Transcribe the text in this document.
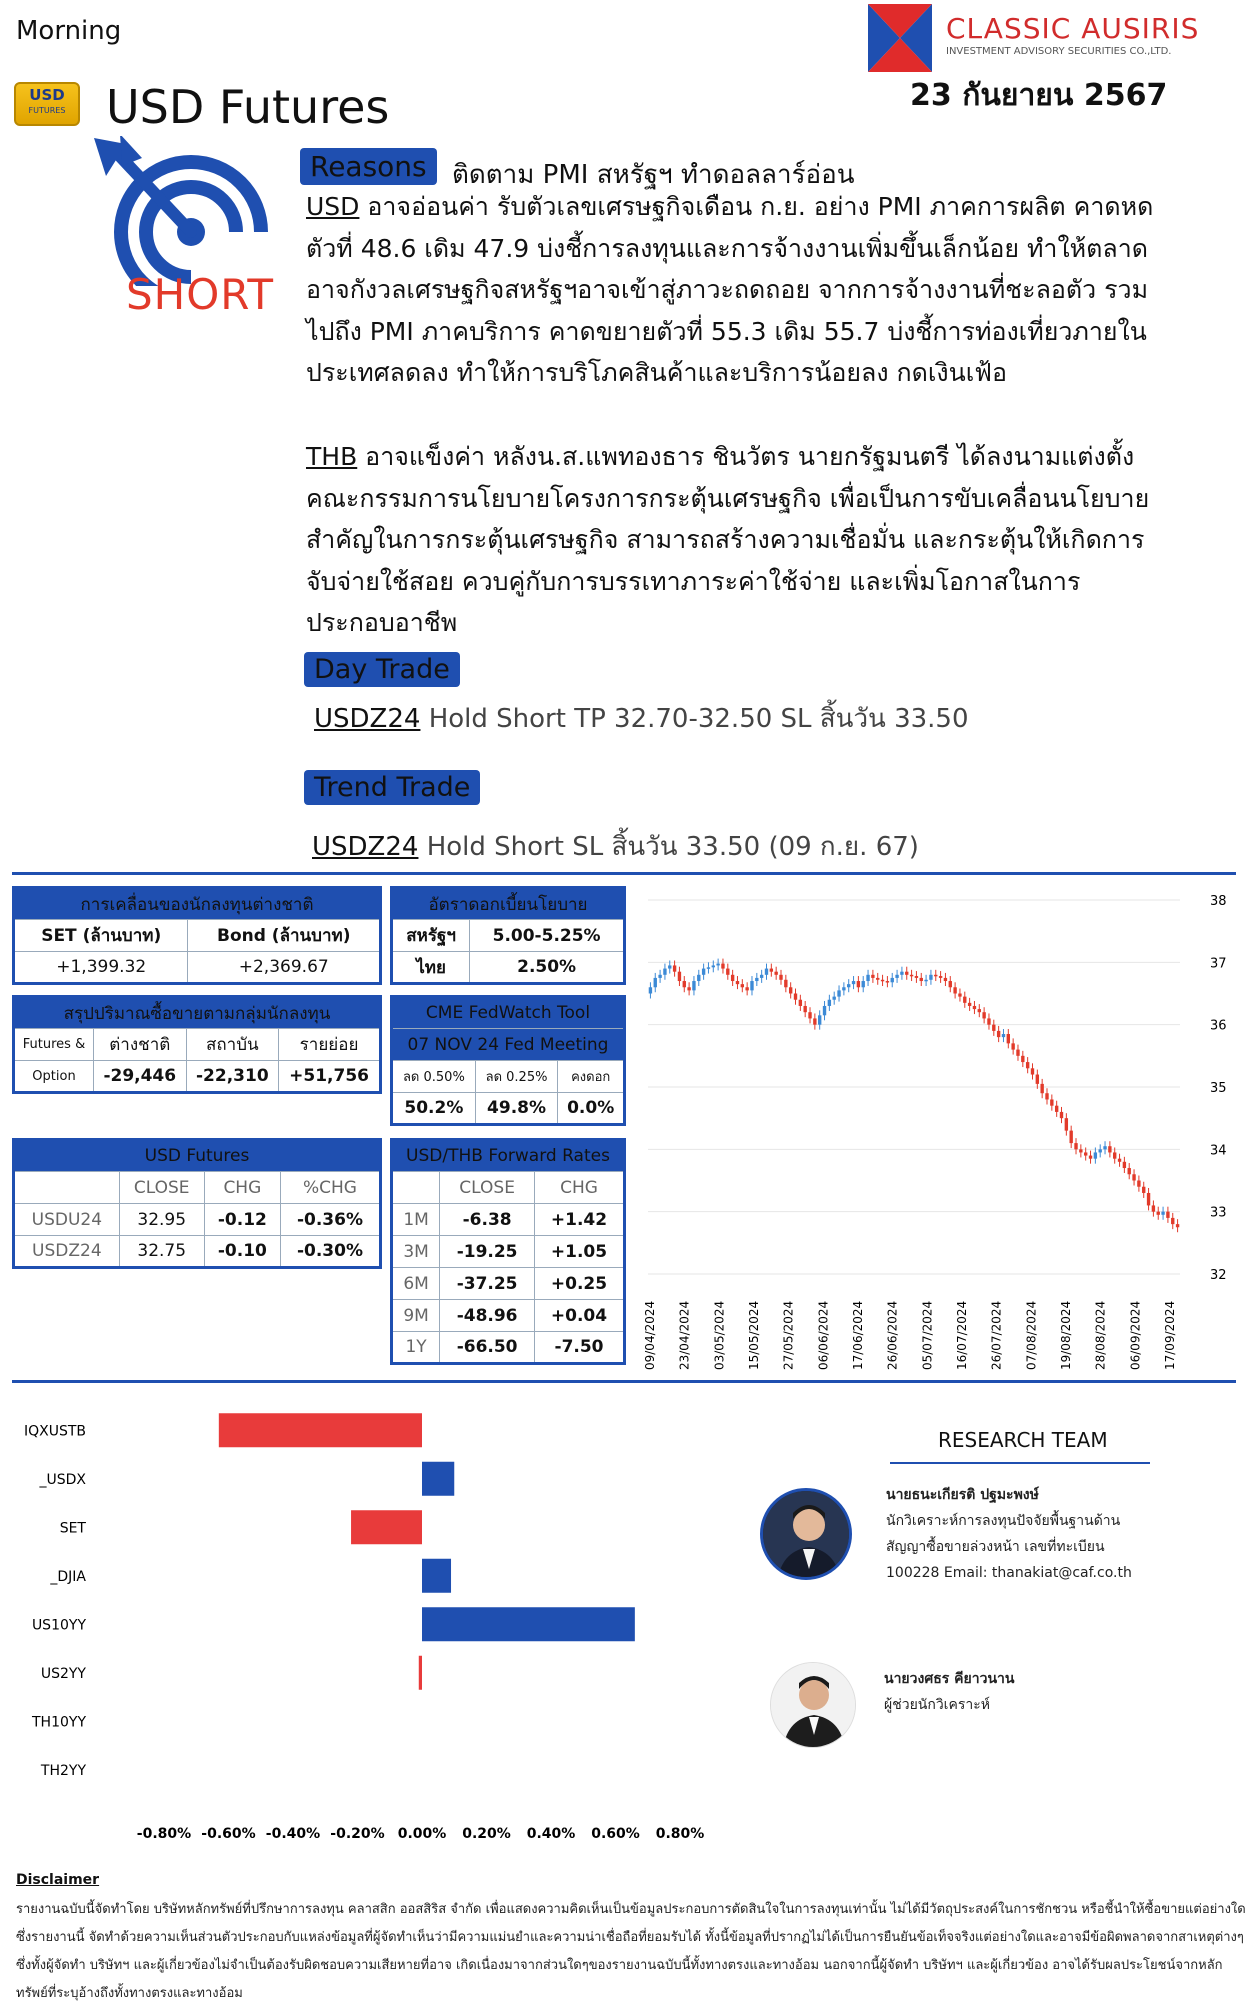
Morning
USD
FUTURES USD Futures
CLASSIC AUSIRIS
INVESTMENT ADVISORY SECURITIES CO.,LTD.
23 กันยายน 2567
SHORT
Reasons ติดตาม PMI สหรัฐฯ ทำดอลลาร์อ่อน
USD อาจอ่อนค่า รับตัวเลขเศรษฐกิจเดือน ก.ย. อย่าง PMI ภาคการผลิต คาดหดตัวที่ 48.6 เดิม 47.9 บ่งชี้การลงทุนและการจ้างงานเพิ่มขึ้นเล็กน้อย ทำให้ตลาดอาจกังวลเศรษฐกิจสหรัฐฯอาจเข้าสู่ภาวะถดถอย จากการจ้างงานที่ชะลอตัว รวมไปถึง PMI ภาคบริการ คาดขยายตัวที่ 55.3 เดิม 55.7 บ่งชี้การท่องเที่ยวภายในประเทศลดลง ทำให้การบริโภคสินค้าและบริการน้อยลง กดเงินเฟ้อ
THB อาจแข็งค่า หลังน.ส.แพทองธาร ชินวัตร นายกรัฐมนตรี ได้ลงนามแต่งตั้งคณะกรรมการนโยบายโครงการกระตุ้นเศรษฐกิจ เพื่อเป็นการขับเคลื่อนนโยบายสำคัญในการกระตุ้นเศรษฐกิจ สามารถสร้างความเชื่อมั่น และกระตุ้นให้เกิดการจับจ่ายใช้สอย ควบคู่กับการบรรเทาภาระค่าใช้จ่าย และเพิ่มโอกาสในการประกอบอาชีพ
Day Trade
USDZ24 Hold Short TP 32.70-32.50 SL สิ้นวัน 33.50
Trend Trade
USDZ24 Hold Short SL สิ้นวัน 33.50 (09 ก.ย. 67)
การเคลื่อนของนักลงทุนต่างชาติ	
SET (ล้านบาท)	Bond (ล้านบาท)
+1,399.32	+2,369.67
อัตราดอกเบี้ยนโยบาย	
สหรัฐฯ	5.00-5.25%
ไทย	2.50%
สรุปปริมาณซื้อขายตามกลุ่มนักลงทุน			
Futures &	ต่างชาติ	สถาบัน	รายย่อย
Option	-29,446	-22,310	+51,756
CME FedWatch Tool		
07 NOV 24 Fed Meeting		
ลด 0.50%	ลด 0.25%	คงดอก
50.2%	49.8%	0.0%
USD Futures			
	CLOSE	CHG	%CHG
USDU24	32.95	-0.12	-0.36%
USDZ24	32.75	-0.10	-0.30%
USD/THB Forward Rates		
	CLOSE	CHG
1M	-6.38	+1.42
3M	-19.25	+1.05
6M	-37.25	+0.25
9M	-48.96	+0.04
1Y	-66.50	-7.50
38
37
36
35
34
33
32
09/04/2024 23/04/2024 03/05/2024 15/05/2024 27/05/2024 06/06/2024 17/06/2024 26/06/2024 05/07/2024 16/07/2024 26/07/2024 07/08/2024 19/08/2024 28/08/2024 06/09/2024 17/09/2024
IQXUSTB
_USDX
SET
_DJIA
US10YY
US2YY
TH10YY
TH2YY
-0.80% -0.60% -0.40% -0.20% 0.00% 0.20% 0.40% 0.60% 0.80%
RESEARCH TEAM
นายธนะเกียรติ ปฐมะพงษ์
นักวิเคราะห์การลงทุนปัจจัยพื้นฐานด้าน
สัญญาซื้อขายล่วงหน้า เลขที่ทะเบียน
100228 Email: thanakiat@caf.co.th
นายวงศธร คียาวนาน
ผู้ช่วยนักวิเคราะห์
Disclaimer
รายงานฉบับนี้จัดทำโดย บริษัทหลักทรัพย์ที่ปรึกษาการลงทุน คลาสสิก ออสสิริส จำกัด เพื่อแสดงความคิดเห็นเป็นข้อมูลประกอบการตัดสินใจในการลงทุนเท่านั้น ไม่ได้มีวัตถุประสงค์ในการชักชวน หรือชี้นำให้ซื้อขายแต่อย่างใด ซึ่งรายงานนี้ จัดทำด้วยความเห็นส่วนตัวประกอบกับแหล่งข้อมูลที่ผู้จัดทำเห็นว่ามีความแม่นยำและความน่าเชื่อถือที่ยอมรับได้ ทั้งนี้ข้อมูลที่ปรากฏไม่ได้เป็นการยืนยันข้อเท็จจริงแต่อย่างใดและอาจมีข้อผิดพลาดจากสาเหตุต่างๆ ซึ่งทั้งผู้จัดทำ บริษัทฯ และผู้เกี่ยวข้องไม่จำเป็นต้องรับผิดชอบความเสียหายที่อาจ เกิดเนื่องมาจากส่วนใดๆของรายงานฉบับนี้ทั้งทางตรงและทางอ้อม นอกจากนี้ผู้จัดทำ บริษัทฯ และผู้เกี่ยวข้อง อาจได้รับผลประโยชน์จากหลักทรัพย์ที่ระบุอ้างถึงทั้งทางตรงและทางอ้อม
